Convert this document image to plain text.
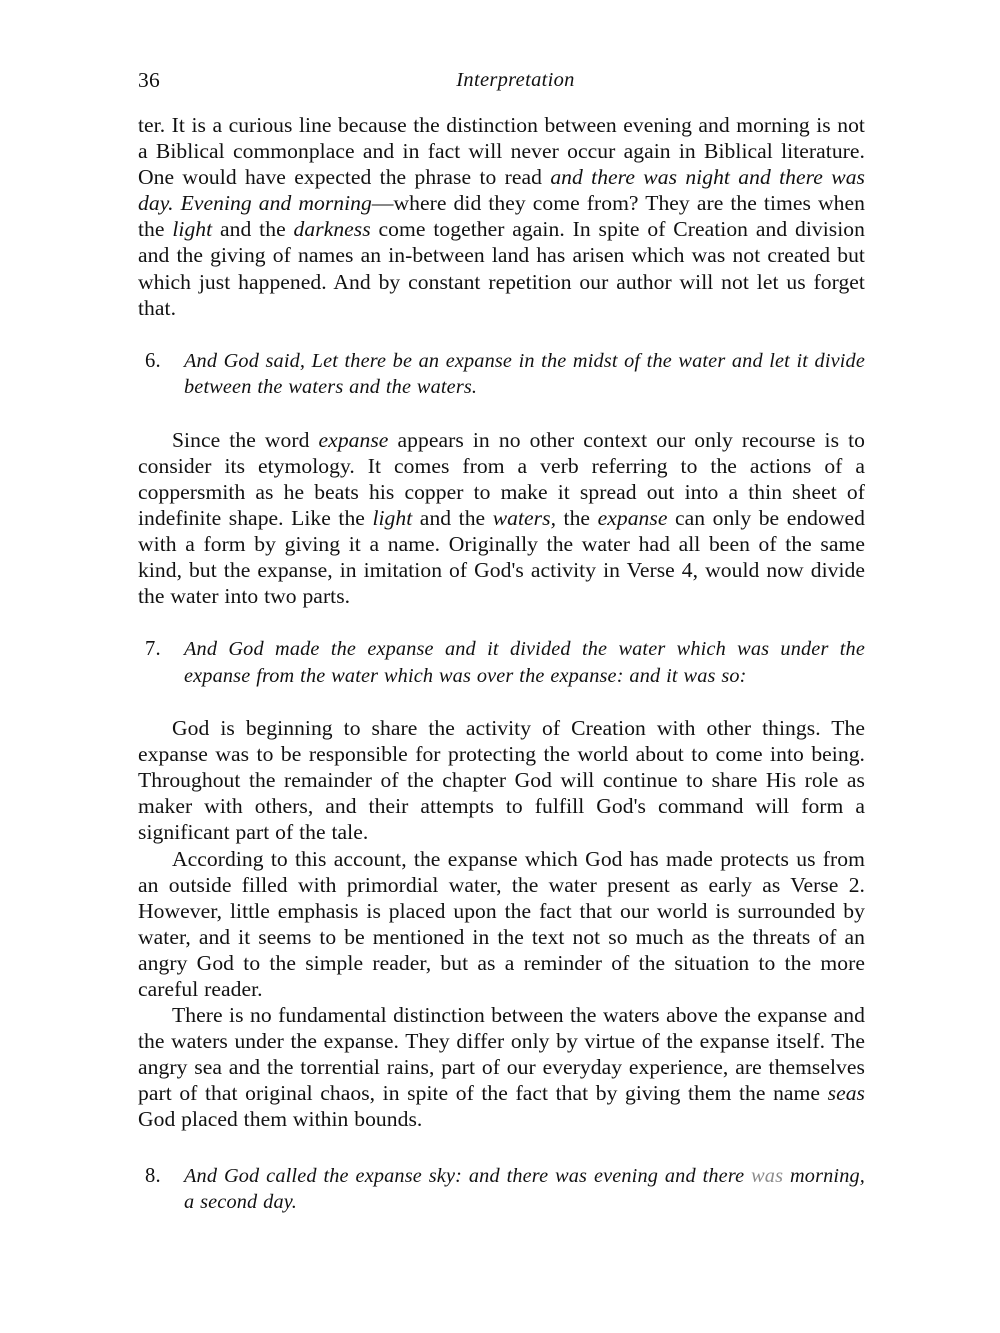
36	Interpretation

ter. It is a curious line because the distinction between evening and morning is not a Biblical commonplace and in fact will never occur again in Biblical literature. One would have expected the phrase to read and there was night and there was day. Evening and morning—where did they come from? They are the times when the light and the darkness come together again. In spite of Creation and division and the giving of names an in-between land has arisen which was not created but which just happened. And by constant repetition our author will not let us forget that.

6. And God said, Let there be an expanse in the midst of the water and let it divide between the waters and the waters.

Since the word expanse appears in no other context our only recourse is to consider its etymology. It comes from a verb referring to the actions of a coppersmith as he beats his copper to make it spread out into a thin sheet of indefinite shape. Like the light and the waters, the expanse can only be endowed with a form by giving it a name. Originally the water had all been of the same kind, but the expanse, in imitation of God's activity in Verse 4, would now divide the water into two parts.

7. And God made the expanse and it divided the water which was under the expanse from the water which was over the expanse: and it was so:

God is beginning to share the activity of Creation with other things. The expanse was to be responsible for protecting the world about to come into being. Throughout the remainder of the chapter God will continue to share His role as maker with others, and their attempts to fulfill God's command will form a significant part of the tale.

According to this account, the expanse which God has made protects us from an outside filled with primordial water, the water present as early as Verse 2. However, little emphasis is placed upon the fact that our world is surrounded by water, and it seems to be mentioned in the text not so much as the threats of an angry God to the simple reader, but as a reminder of the situation to the more careful reader.

There is no fundamental distinction between the waters above the expanse and the waters under the expanse. They differ only by virtue of the expanse itself. The angry sea and the torrential rains, part of our everyday experience, are themselves part of that original chaos, in spite of the fact that by giving them the name seas God placed them within bounds.

8. And God called the expanse sky: and there was evening and there was morning, a second day.
